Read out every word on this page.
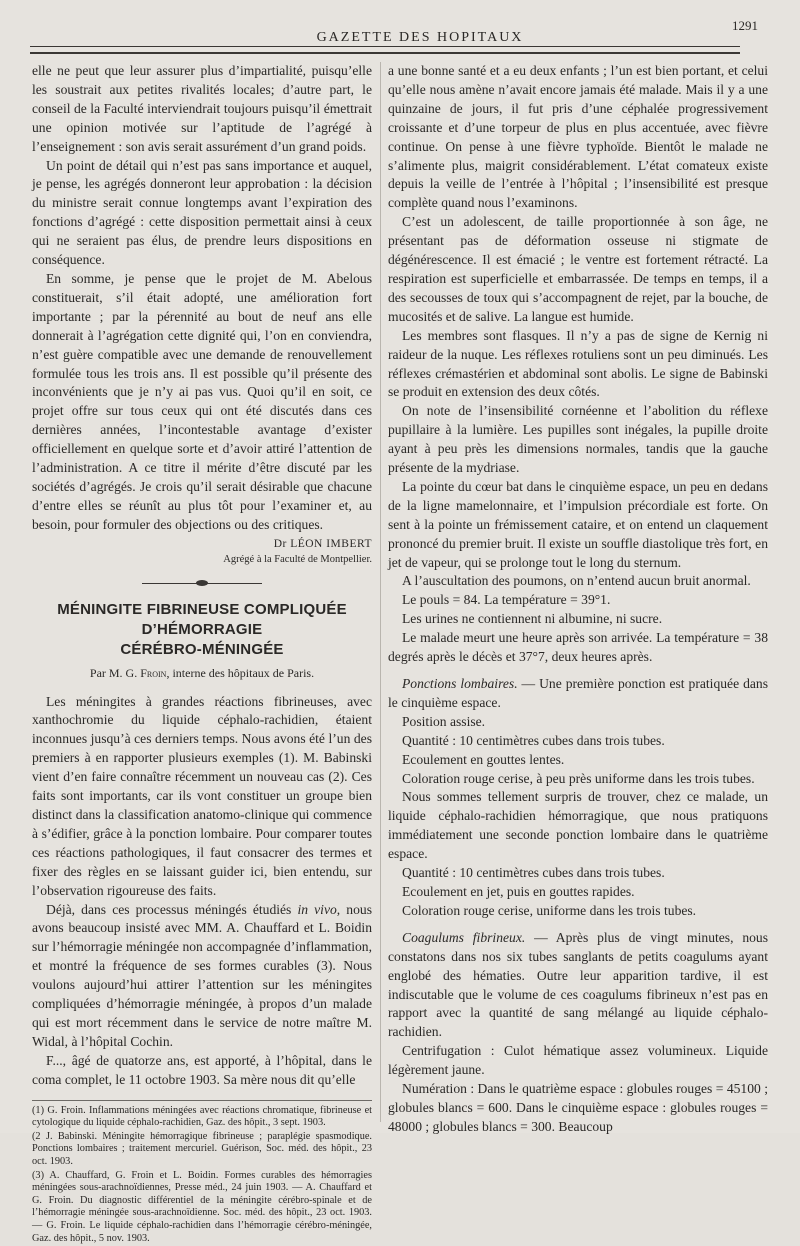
GAZETTE DES HOPITAUX
1291

elle ne peut que leur assurer plus d’impartialité, puisqu’elle les soustrait aux petites rivalités locales; d’autre part, le conseil de la Faculté interviendrait toujours puisqu’il émettrait une opinion motivée sur l’aptitude de l’agrégé à l’enseignement : son avis serait assurément d’un grand poids.

Un point de détail qui n’est pas sans importance et auquel, je pense, les agrégés donneront leur approbation : la décision du ministre serait connue longtemps avant l’expiration des fonctions d’agrégé : cette disposition permettait ainsi à ceux qui ne seraient pas élus, de prendre leurs dispositions en conséquence.

En somme, je pense que le projet de M. Abelous constituerait, s’il était adopté, une amélioration fort importante ; par la pérennité au bout de neuf ans elle donnerait à l’agrégation cette dignité qui, l’on en conviendra, n’est guère compatible avec une demande de renouvellement formulée tous les trois ans. Il est possible qu’il présente des inconvénients que je n’y ai pas vus. Quoi qu’il en soit, ce projet offre sur tous ceux qui ont été discutés dans ces dernières années, l’incontestable avantage d’exister officiellement en quelque sorte et d’avoir attiré l’attention de l’administration. A ce titre il mérite d’être discuté par les sociétés d’agrégés. Je crois qu’il serait désirable que chacune d’entre elles se réunît au plus tôt pour l’examiner et, au besoin, pour formuler des objections ou des critiques.

Dr LÉON IMBERT
Agrégé à la Faculté de Montpellier.
MÉNINGITE FIBRINEUSE COMPLIQUÉE D’HÉMORRAGIE
CÉRÉBRO-MÉNINGÉE
Par M. G. Froin, interne des hôpitaux de Paris.

Les méningites à grandes réactions fibrineuses, avec xanthochromie du liquide céphalo-rachidien, étaient inconnues jusqu’à ces derniers temps. Nous avons été l’un des premiers à en rapporter plusieurs exemples (1). M. Babinski vient d’en faire connaître récemment un nouveau cas (2). Ces faits sont importants, car ils vont constituer un groupe bien distinct dans la classification anatomo-clinique qui commence à s’édifier, grâce à la ponction lombaire. Pour comparer toutes ces réactions pathologiques, il faut consacrer des termes et fixer des règles en se laissant guider ici, bien entendu, sur l’observation rigoureuse des faits.

Déjà, dans ces processus méningés étudiés in vivo, nous avons beaucoup insisté avec MM. A. Chauffard et L. Boidin sur l’hémorragie méningée non accompagnée d’inflammation, et montré la fréquence de ses formes curables (3). Nous voulons aujourd’hui attirer l’attention sur les méningites compliquées d’hémorragie méningée, à propos d’un malade qui est mort récemment dans le service de notre maître M. Widal, à l’hôpital Cochin.

F..., âgé de quatorze ans, est apporté, à l’hôpital, dans le coma complet, le 11 octobre 1903. Sa mère nous dit qu’elle

(1) G. Froin. Inflammations méningées avec réactions chromatique, fibrineuse et cytologique du liquide céphalo-rachidien, Gaz. des hôpit., 3 sept. 1903.

(2 J. Babinski. Méningite hémorragique fibrineuse ; paraplégie spasmodique. Ponctions lombaires ; traitement mercuriel. Guérison, Soc. méd. des hôpit., 23 oct. 1903.

(3) A. Chauffard, G. Froin et L. Boidin. Formes curables des hémorragies méningées sous-arachnoïdiennes, Presse méd., 24 juin 1903. — A. Chauffard et G. Froin. Du diagnostic différentiel de la méningite cérébro-spinale et de l’hémorragie méningée sous-arachnoïdienne. Soc. méd. des hôpit., 23 oct. 1903. — G. Froin. Le liquide céphalo-rachidien dans l’hémorragie cérébro-méningée, Gaz. des hôpit., 5 nov. 1903.

a une bonne santé et a eu deux enfants ; l’un est bien portant, et celui qu’elle nous amène n’avait encore jamais été malade. Mais il y a une quinzaine de jours, il fut pris d’une céphalée progressivement croissante et d’une torpeur de plus en plus accentuée, avec fièvre continue. On pense à une fièvre typhoïde. Bientôt le malade ne s’alimente plus, maigrit considérablement. L’état comateux existe depuis la veille de l’entrée à l’hôpital ; l’insensibilité est presque complète quand nous l’examinons.

C’est un adolescent, de taille proportionnée à son âge, ne présentant pas de déformation osseuse ni stigmate de dégénérescence. Il est émacié ; le ventre est fortement rétracté. La respiration est superficielle et embarrassée. De temps en temps, il a des secousses de toux qui s’accompagnent de rejet, par la bouche, de mucosités et de salive. La langue est humide.

Les membres sont flasques. Il n’y a pas de signe de Kernig ni raideur de la nuque. Les réflexes rotuliens sont un peu diminués. Les réflexes crémastérien et abdominal sont abolis. Le signe de Babinski se produit en extension des deux côtés.

On note de l’insensibilité cornéenne et l’abolition du réflexe pupillaire à la lumière. Les pupilles sont inégales, la pupille droite ayant à peu près les dimensions normales, tandis que la gauche présente de la mydriase.

La pointe du cœur bat dans le cinquième espace, un peu en dedans de la ligne mamelonnaire, et l’impulsion précordiale est forte. On sent à la pointe un frémissement cataire, et on entend un claquement prononcé du premier bruit. Il existe un souffle diastolique très fort, en jet de vapeur, qui se prolonge tout le long du sternum.

A l’auscultation des poumons, on n’entend aucun bruit anormal.

Le pouls = 84. La température = 39°1.

Les urines ne contiennent ni albumine, ni sucre.

Le malade meurt une heure après son arrivée. La température = 38 degrés après le décès et 37°7, deux heures après.

Ponctions lombaires. — Une première ponction est pratiquée dans le cinquième espace.

Position assise.

Quantité : 10 centimètres cubes dans trois tubes.

Ecoulement en gouttes lentes.

Coloration rouge cerise, à peu près uniforme dans les trois tubes.

Nous sommes tellement surpris de trouver, chez ce malade, un liquide céphalo-rachidien hémorragique, que nous pratiquons immédiatement une seconde ponction lombaire dans le quatrième espace.

Quantité : 10 centimètres cubes dans trois tubes.

Ecoulement en jet, puis en gouttes rapides.

Coloration rouge cerise, uniforme dans les trois tubes.

Coagulums fibrineux. — Après plus de vingt minutes, nous constatons dans nos six tubes sanglants de petits coagulums ayant englobé des hématies. Outre leur apparition tardive, il est indiscutable que le volume de ces coagulums fibrineux n’est pas en rapport avec la quantité de sang mélangé au liquide céphalo-rachidien.

Centrifugation : Culot hématique assez volumineux. Liquide légèrement jaune.

Numération : Dans le quatrième espace : globules rouges = 45100 ; globules blancs = 600. Dans le cinquième espace : globules rouges = 48000 ; globules blancs = 300. Beaucoup
